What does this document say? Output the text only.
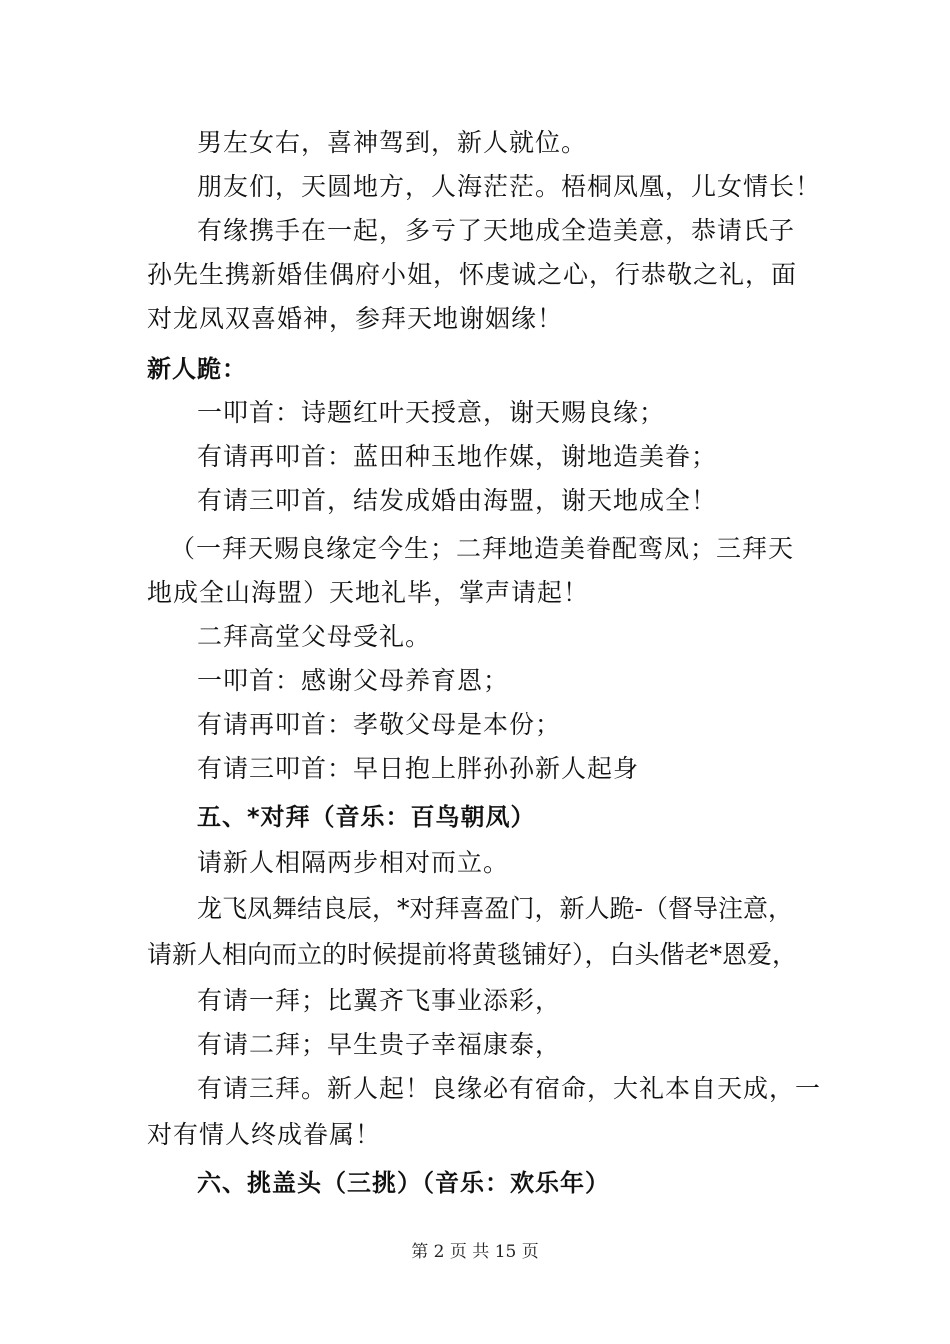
男左女右，喜神驾到，新人就位。
朋友们，天圆地方，人海茫茫。梧桐凤凰，儿女情长！
有缘携手在一起，多亏了天地成全造美意，恭请氏子
孙先生携新婚佳偶府小姐，怀虔诚之心，行恭敬之礼，面
对龙凤双喜婚神，参拜天地谢姻缘！
新人跪：
一叩首：诗题红叶天授意，谢天赐良缘；
有请再叩首：蓝田种玉地作媒，谢地造美眷；
有请三叩首，结发成婚由海盟，谢天地成全！
（一拜天赐良缘定今生；二拜地造美眷配鸾凤；三拜天
地成全山海盟）天地礼毕，掌声请起！
二拜高堂父母受礼。
一叩首：感谢父母养育恩；
有请再叩首：孝敬父母是本份；
有请三叩首：早日抱上胖孙孙新人起身
五、*对拜（音乐：百鸟朝凤）
请新人相隔两步相对而立。
龙飞凤舞结良辰，*对拜喜盈门，新人跪-（督导注意，
请新人相向而立的时候提前将黄毯铺好），白头偕老*恩爱，
有请一拜；比翼齐飞事业添彩，
有请二拜；早生贵子幸福康泰，
有请三拜。新人起！良缘必有宿命，大礼本自天成，一
对有情人终成眷属！
六、挑盖头（三挑）（音乐：欢乐年）
第 2 页 共 15 页
